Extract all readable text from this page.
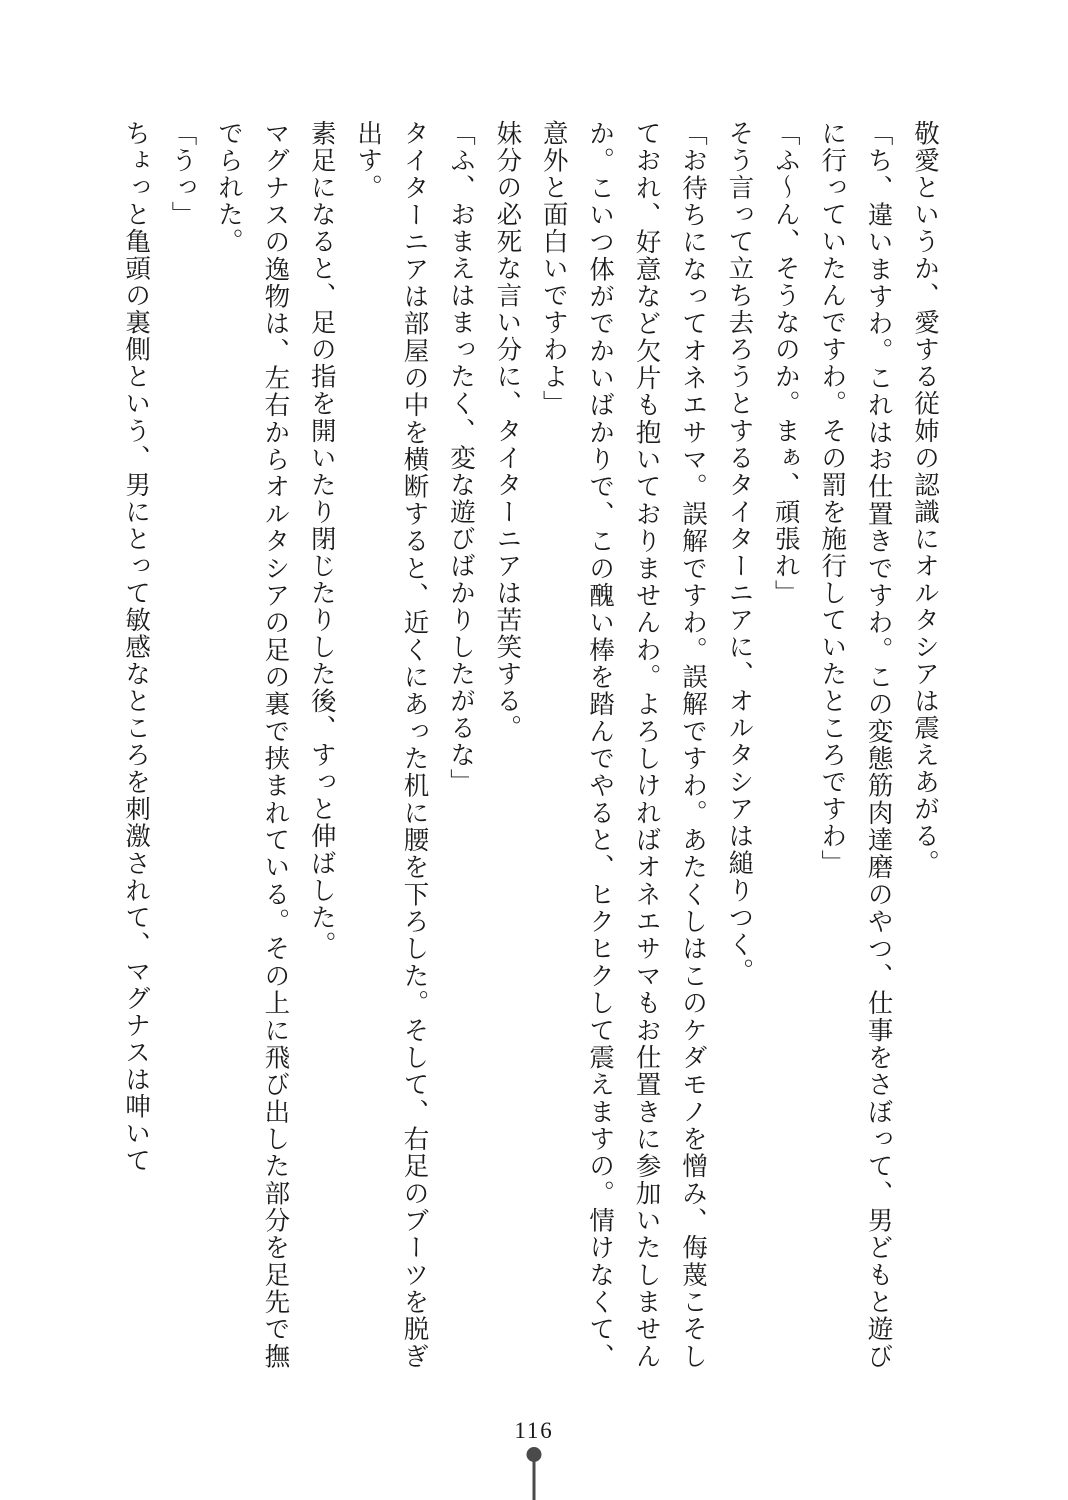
敬愛というか、愛する従姉の認識にオルタシアは震えあがる。

「ち、違いますわ。これはお仕置きですわ。この変態筋肉達磨のやつ、仕事をさぼって、男どもと遊びに行っていたんですわ。その罰を施行していたところですわ」

「ふ～ん、そうなのか。まぁ、頑張れ」

そう言って立ち去ろうとするタイターニアに、オルタシアは縋りつく。

「お待ちになってオネエサマ。誤解ですわ。誤解ですわ。あたくしはこのケダモノを憎み、侮蔑こそしておれ、好意など欠片も抱いておりませんわ。よろしければオネエサマもお仕置きに参加いたしませんか。こいつ体がでかいばかりで、この醜い棒を踏んでやると、ヒクヒクして震えますの。情けなくて、意外と面白いですわよ」

妹分の必死な言い分に、タイターニアは苦笑する。

「ふ、おまえはまったく、変な遊びばかりしたがるな」

タイターニアは部屋の中を横断すると、近くにあった机に腰を下ろした。そして、右足のブーツを脱ぎ出す。

素足になると、足の指を開いたり閉じたりした後、すっと伸ばした。

マグナスの逸物は、左右からオルタシアの足の裏で挟まれている。その上に飛び出した部分を足先で撫でられた。

「うっ」

ちょっと亀頭の裏側という、男にとって敏感なところを刺激されて、マグナスは呻いて

116
